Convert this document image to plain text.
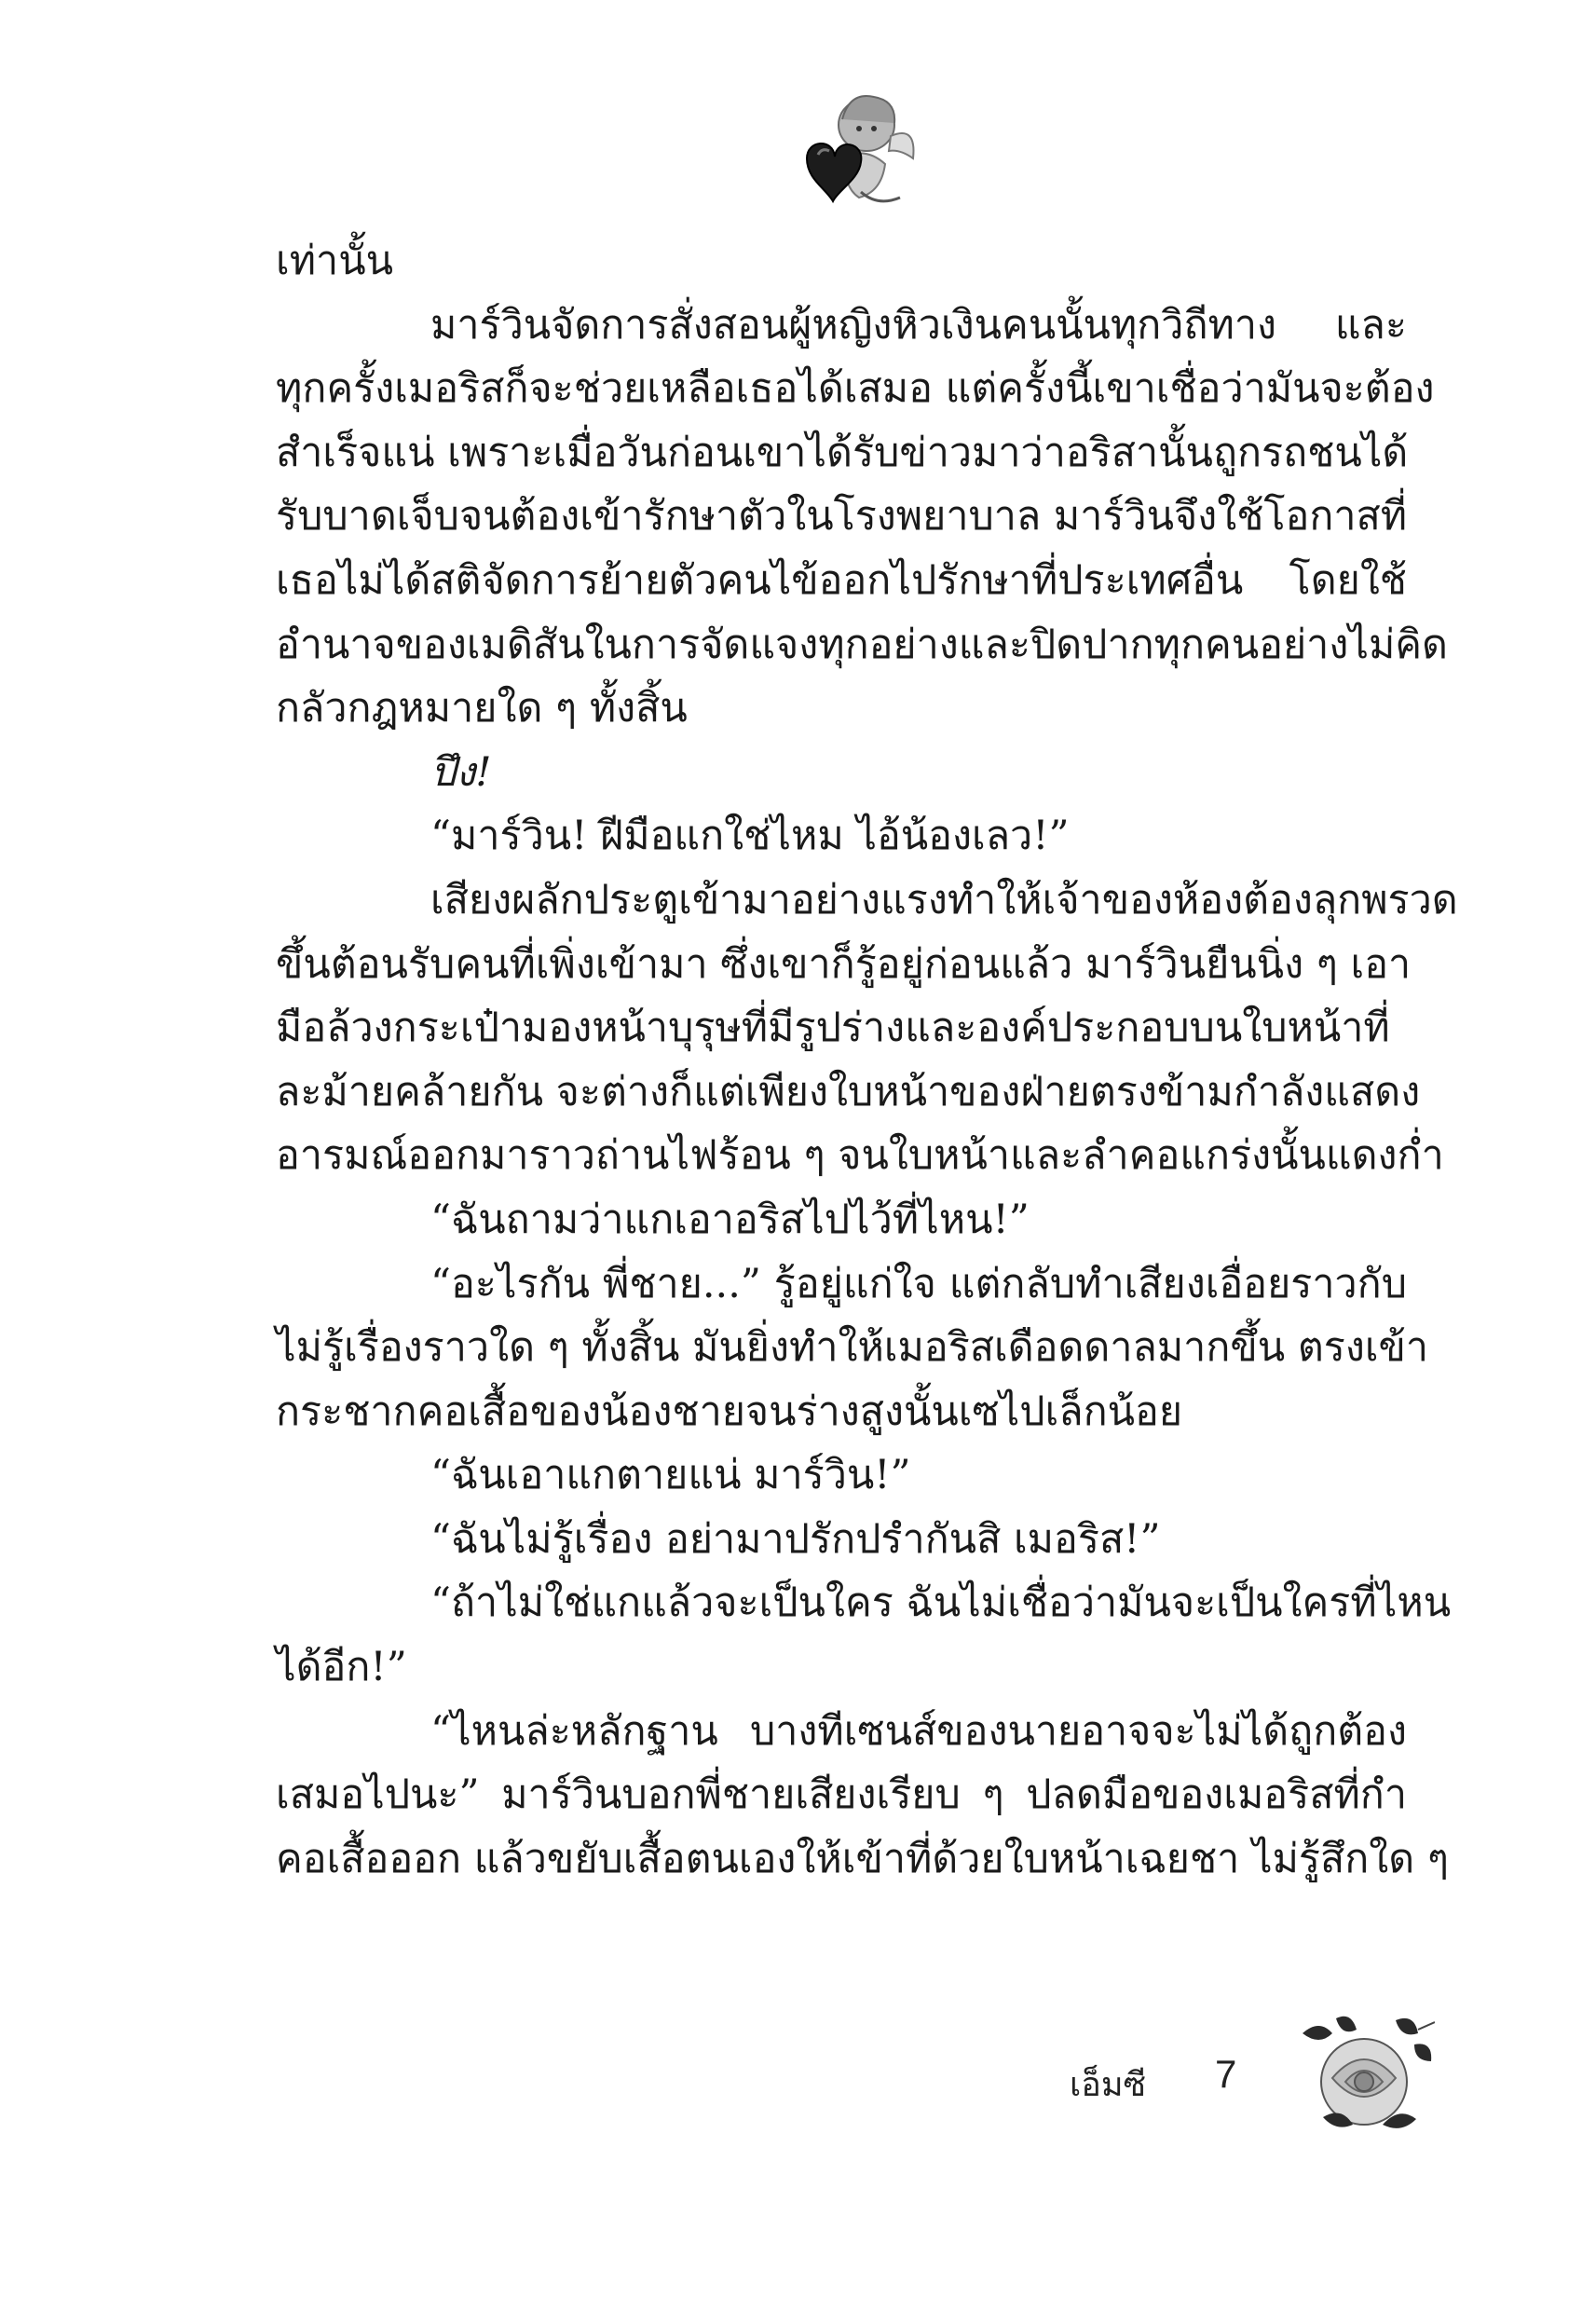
เท่านั้น
มาร์วินจัดการสั่งสอนผู้หญิงหิวเงินคนนั้นทุกวิถีทาง และ
ทุกครั้งเมอริสก็จะช่วยเหลือเธอได้เสมอ แต่ครั้งนี้เขาเชื่อว่ามันจะต้อง
สำเร็จแน่ เพราะเมื่อวันก่อนเขาได้รับข่าวมาว่าอริสานั้นถูกรถชนได้
รับบาดเจ็บจนต้องเข้ารักษาตัวในโรงพยาบาล มาร์วินจึงใช้โอกาสที่
เธอไม่ได้สติจัดการย้ายตัวคนไข้ออกไปรักษาที่ประเทศอื่น โดยใช้
อำนาจของเมดิสันในการจัดแจงทุกอย่างและปิดปากทุกคนอย่างไม่คิด
กลัวกฎหมายใด ๆ ทั้งสิ้น
ปึง!
“มาร์วิน! ฝีมือแกใช่ไหม ไอ้น้องเลว!”
เสียงผลักประตูเข้ามาอย่างแรงทำให้เจ้าของห้องต้องลุกพรวด
ขึ้นต้อนรับคนที่เพิ่งเข้ามา ซึ่งเขาก็รู้อยู่ก่อนแล้ว มาร์วินยืนนิ่ง ๆ เอา
มือล้วงกระเป๋ามองหน้าบุรุษที่มีรูปร่างและองค์ประกอบบนใบหน้าที่
ละม้ายคล้ายกัน จะต่างก็แต่เพียงใบหน้าของฝ่ายตรงข้ามกำลังแสดง
อารมณ์ออกมาราวถ่านไฟร้อน ๆ จนใบหน้าและลำคอแกร่งนั้นแดงก่ำ
“ฉันถามว่าแกเอาอริสไปไว้ที่ไหน!”
“อะไรกัน พี่ชาย...” รู้อยู่แก่ใจ แต่กลับทำเสียงเอื่อยราวกับ
ไม่รู้เรื่องราวใด ๆ ทั้งสิ้น มันยิ่งทำให้เมอริสเดือดดาลมากขึ้น ตรงเข้า
กระชากคอเสื้อของน้องชายจนร่างสูงนั้นเซไปเล็กน้อย
“ฉันเอาแกตายแน่ มาร์วิน!”
“ฉันไม่รู้เรื่อง อย่ามาปรักปรำกันสิ เมอริส!”
“ถ้าไม่ใช่แกแล้วจะเป็นใคร ฉันไม่เชื่อว่ามันจะเป็นใครที่ไหน
ได้อีก!”
“ไหนล่ะหลักฐาน บางทีเซนส์ของนายอาจจะไม่ได้ถูกต้อง
เสมอไปนะ” มาร์วินบอกพี่ชายเสียงเรียบ ๆ ปลดมือของเมอริสที่กำ
คอเสื้อออก แล้วขยับเสื้อตนเองให้เข้าที่ด้วยใบหน้าเฉยชา ไม่รู้สึกใด ๆ
เอ็มซี 7
